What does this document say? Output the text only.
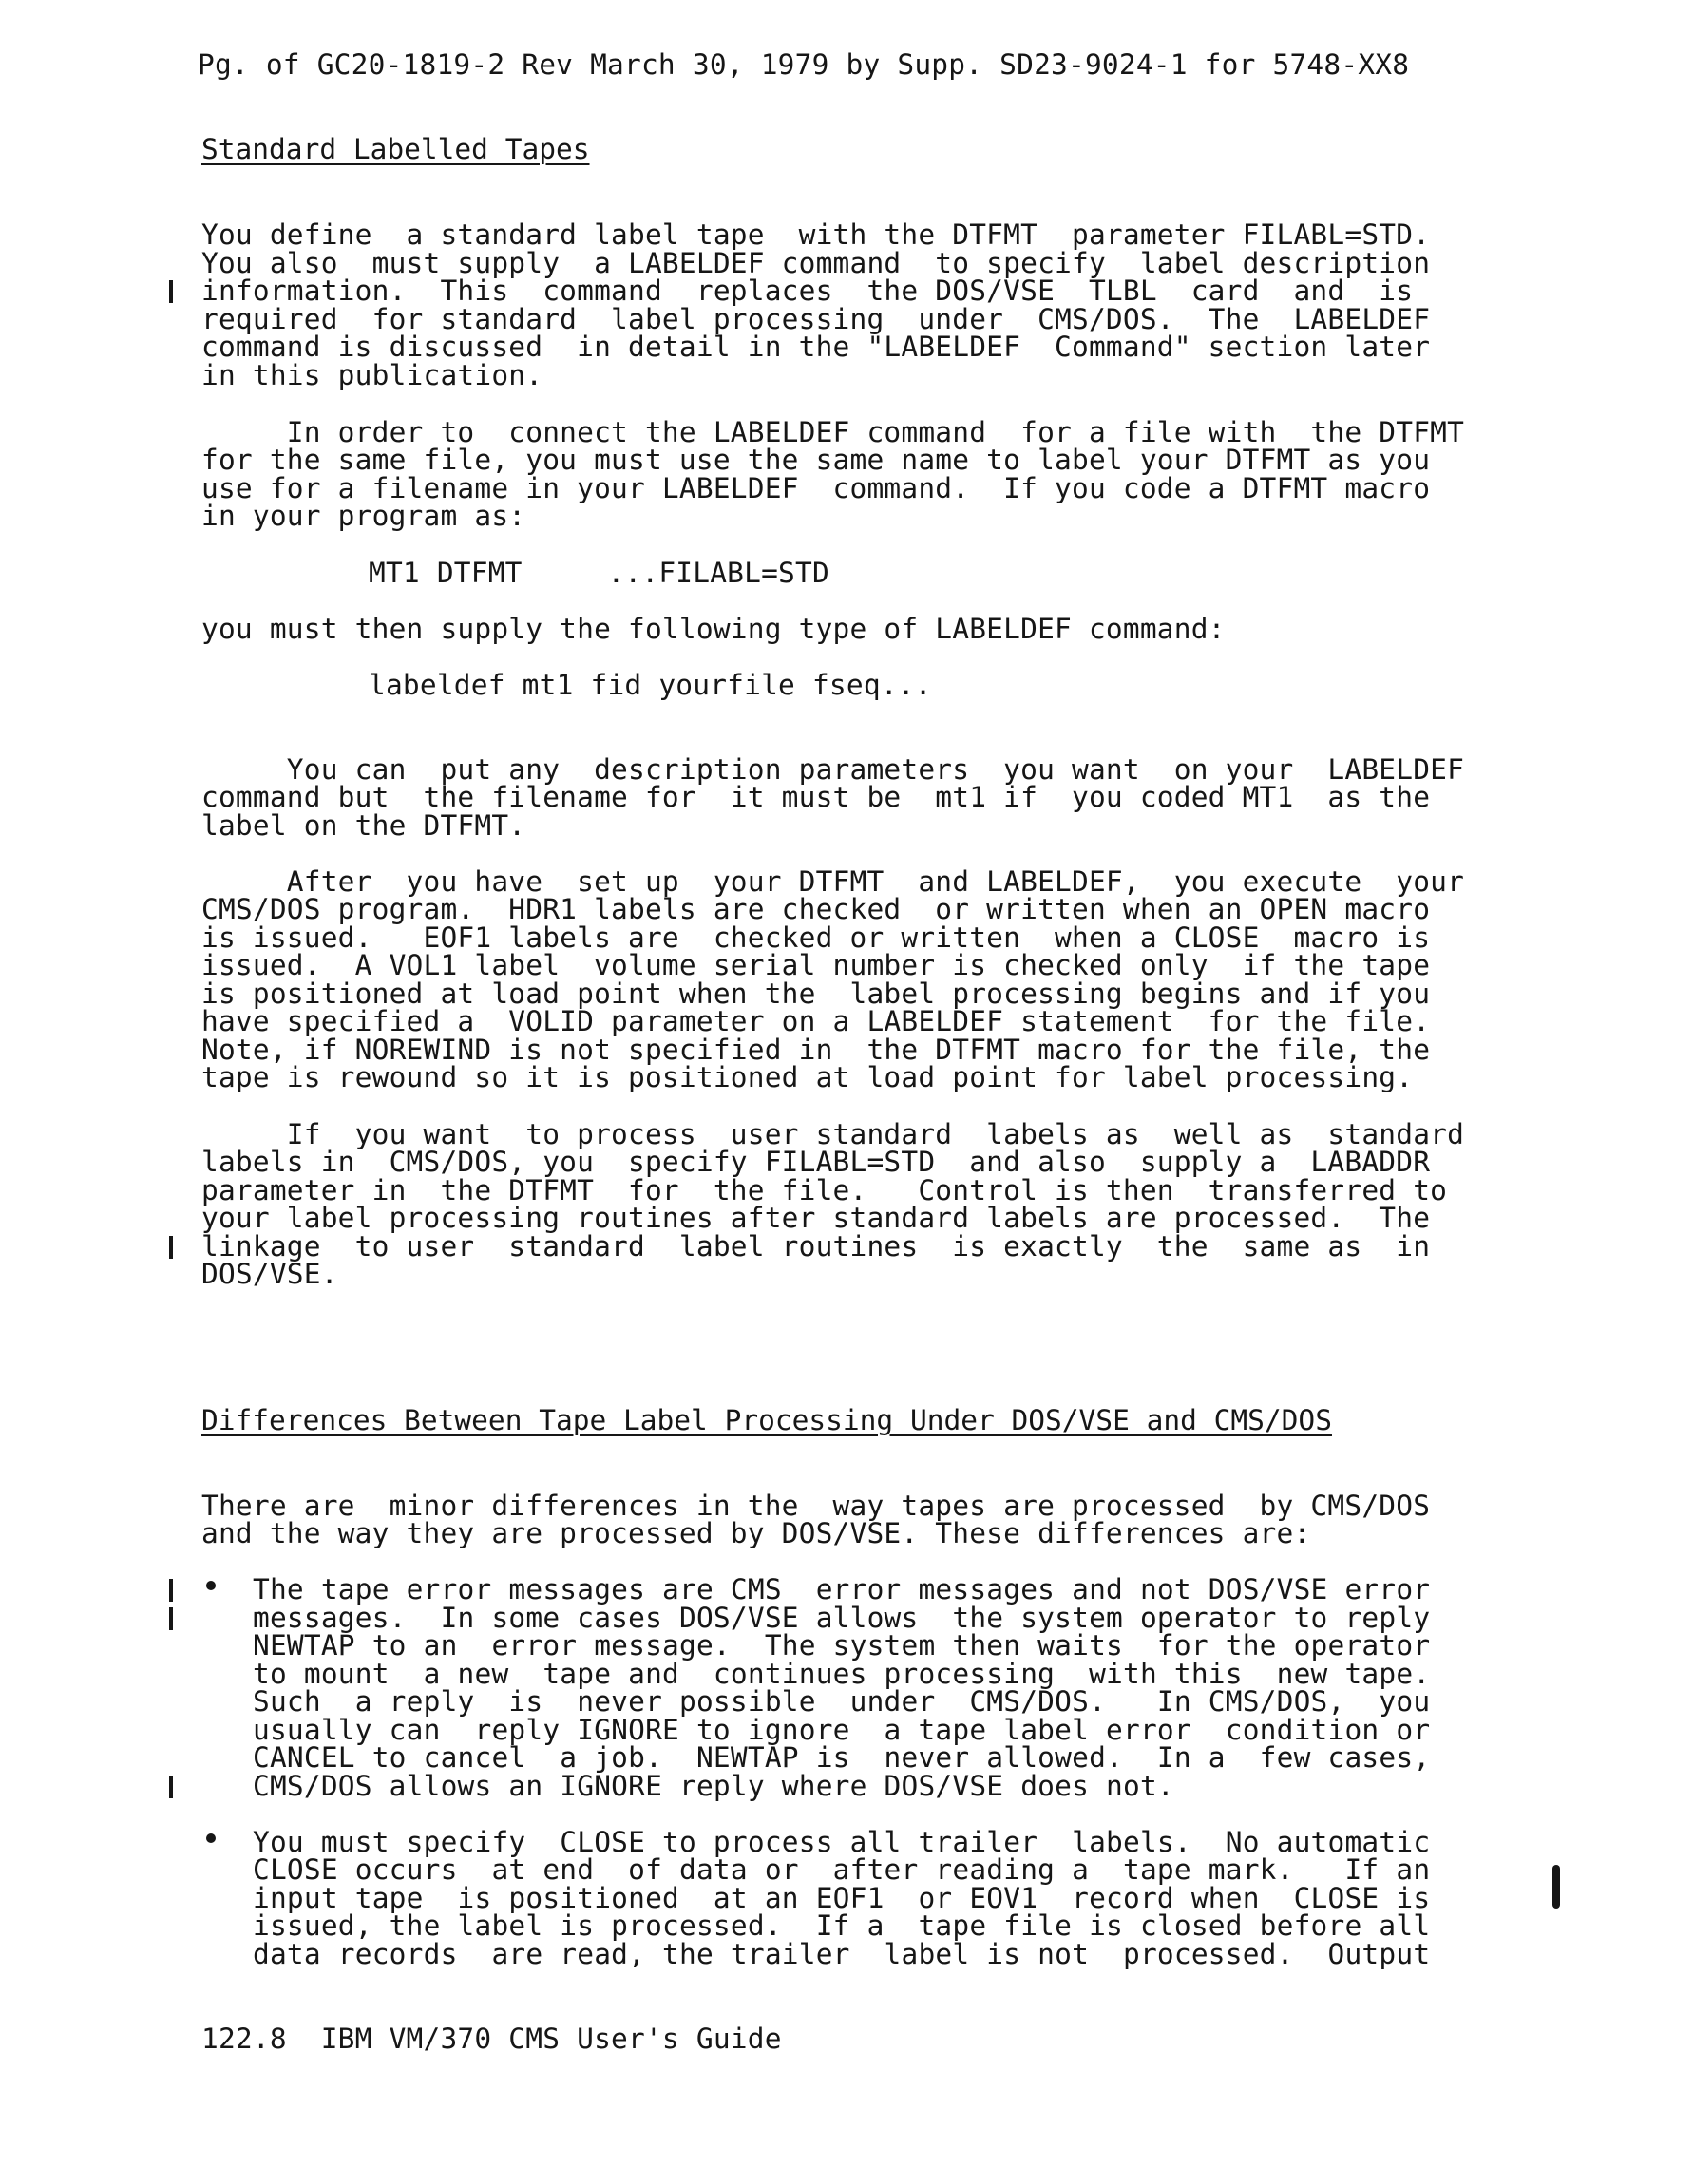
Pg. of GC20-1819-2 Rev March 30, 1979 by Supp. SD23-9024-1 for 5748-XX8
Standard Labelled Tapes
You define  a standard label tape  with the DTFMT  parameter FILABL=STD.
You also  must supply  a LABELDEF command  to specify  label description
information.  This  command  replaces  the DOS/VSE  TLBL  card  and  is
required  for standard  label processing  under  CMS/DOS.  The  LABELDEF
command is discussed  in detail in the "LABELDEF  Command" section later
in this publication.
In order to  connect the LABELDEF command  for a file with  the DTFMT
for the same file, you must use the same name to label your DTFMT as you
use for a filename in your LABELDEF  command.  If you code a DTFMT macro
in your program as:
MT1 DTFMT     ...FILABL=STD
you must then supply the following type of LABELDEF command:
labeldef mt1 fid yourfile fseq...
You can  put any  description parameters  you want  on your  LABELDEF
command but  the filename for  it must be  mt1 if  you coded MT1  as the
label on the DTFMT.
After  you have  set up  your DTFMT  and LABELDEF,  you execute  your
CMS/DOS program.  HDR1 labels are checked  or written when an OPEN macro
is issued.   EOF1 labels are  checked or written  when a CLOSE  macro is
issued.  A VOL1 label  volume serial number is checked only  if the tape
is positioned at load point when the  label processing begins and if you
have specified a  VOLID parameter on a LABELDEF statement  for the file.
Note, if NOREWIND is not specified in  the DTFMT macro for the file, the
tape is rewound so it is positioned at load point for label processing.
If  you want  to process  user standard  labels as  well as  standard
labels in  CMS/DOS, you  specify FILABL=STD  and also  supply a  LABADDR
parameter in  the DTFMT  for  the file.   Control is then  transferred to
your label processing routines after standard labels are processed.  The
linkage  to user  standard  label routines  is exactly  the  same as  in
DOS/VSE.
Differences Between Tape Label Processing Under DOS/VSE and CMS/DOS
There are  minor differences in the  way tapes are processed  by CMS/DOS
and the way they are processed by DOS/VSE. These differences are:
The tape error messages are CMS  error messages and not DOS/VSE error
messages.  In some cases DOS/VSE allows  the system operator to reply
NEWTAP to an  error message.  The system then waits  for the operator
to mount  a new  tape and  continues processing  with this  new tape.
Such  a reply  is  never possible  under  CMS/DOS.   In CMS/DOS,  you
usually can  reply IGNORE to ignore  a tape label error  condition or
CANCEL to cancel  a job.  NEWTAP is  never allowed.  In a  few cases,
CMS/DOS allows an IGNORE reply where DOS/VSE does not.
You must specify  CLOSE to process all trailer  labels.  No automatic
CLOSE occurs  at end  of data or  after reading a  tape mark.   If an
input tape  is positioned  at an EOF1  or EOV1  record when  CLOSE is
issued, the label is processed.  If a  tape file is closed before all
data records  are read, the trailer  label is not  processed.  Output
122.8  IBM VM/370 CMS User's Guide
